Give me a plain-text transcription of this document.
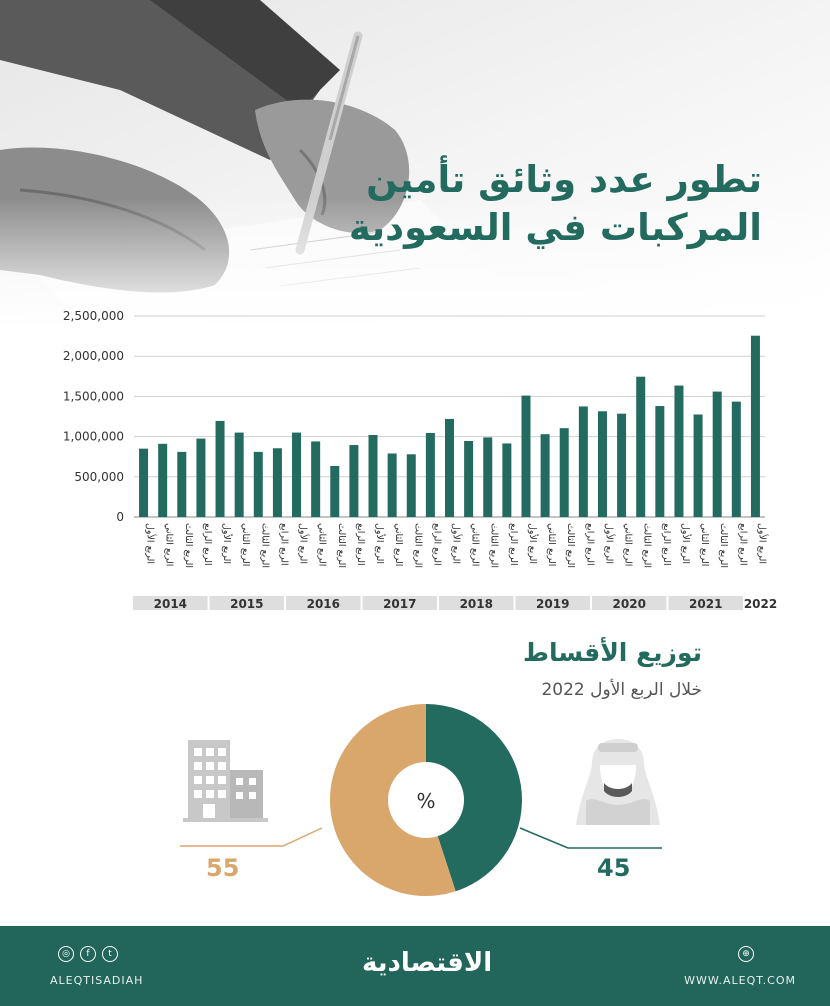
تطور عدد وثائق تأمين
المركبات في السعودية
2,500,000
2,000,000
1,500,000
1,000,000
500,000
0
الربع الأول الربع الثاني الربع الثالث الربع الرابع الربع الأول الربع الثاني الربع الثالث الربع الرابع الربع الأول الربع الثاني الربع الثالث الربع الرابع الربع الأول الربع الثاني الربع الثالث الربع الرابع الربع الأول الربع الثاني الربع الثالث الربع الرابع الربع الأول الربع الثاني الربع الثالث الربع الرابع الربع الأول الربع الثاني الربع الثالث الربع الرابع الربع الأول الربع الثاني الربع الثالث الربع الرابع الربع الأول
2014	2015	2016	2017	2018	2019	2020	2021 2022
توزيع الأقساط
خلال الربع الأول 2022
%
55	45
◎	f	t
ALEQTISADIAH
الاقتصادية	⊕
WWW.ALEQT.COM
